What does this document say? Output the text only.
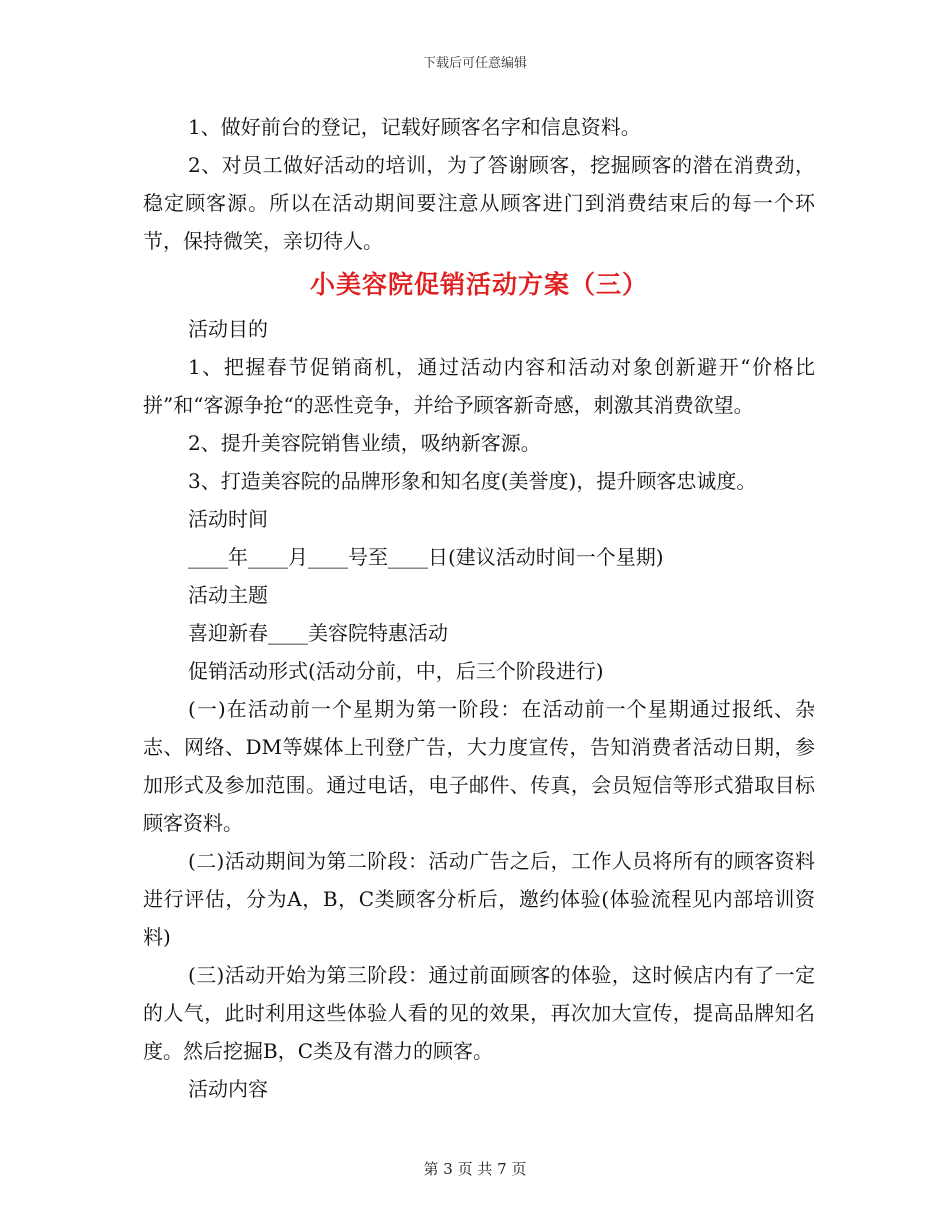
下载后可任意编辑

1、做好前台的登记，记载好顾客名字和信息资料。

2、对员工做好活动的培训，为了答谢顾客，挖掘顾客的潜在消费劲，稳定顾客源。所以在活动期间要注意从顾客进门到消费结束后的每一个环节，保持微笑，亲切待人。

小美容院促销活动方案（三）

活动目的

1、把握春节促销商机，通过活动内容和活动对象创新避开“价格比拼”和“客源争抢“的恶性竞争，并给予顾客新奇感，刺激其消费欲望。

2、提升美容院销售业绩，吸纳新客源。

3、打造美容院的品牌形象和知名度(美誉度)，提升顾客忠诚度。

活动时间

____年____月____号至____日(建议活动时间一个星期)

活动主题

喜迎新春____美容院特惠活动

促销活动形式(活动分前，中，后三个阶段进行)

(一)在活动前一个星期为第一阶段：在活动前一个星期通过报纸、杂志、网络、DM等媒体上刊登广告，大力度宣传，告知消费者活动日期，参加形式及参加范围。通过电话，电子邮件、传真，会员短信等形式猎取目标顾客资料。

(二)活动期间为第二阶段：活动广告之后，工作人员将所有的顾客资料进行评估，分为A，B，C类顾客分析后，邀约体验(体验流程见内部培训资料)

(三)活动开始为第三阶段：通过前面顾客的体验，这时候店内有了一定的人气，此时利用这些体验人看的见的效果，再次加大宣传，提高品牌知名度。然后挖掘B，C类及有潜力的顾客。

活动内容

第 3 页 共 7 页
